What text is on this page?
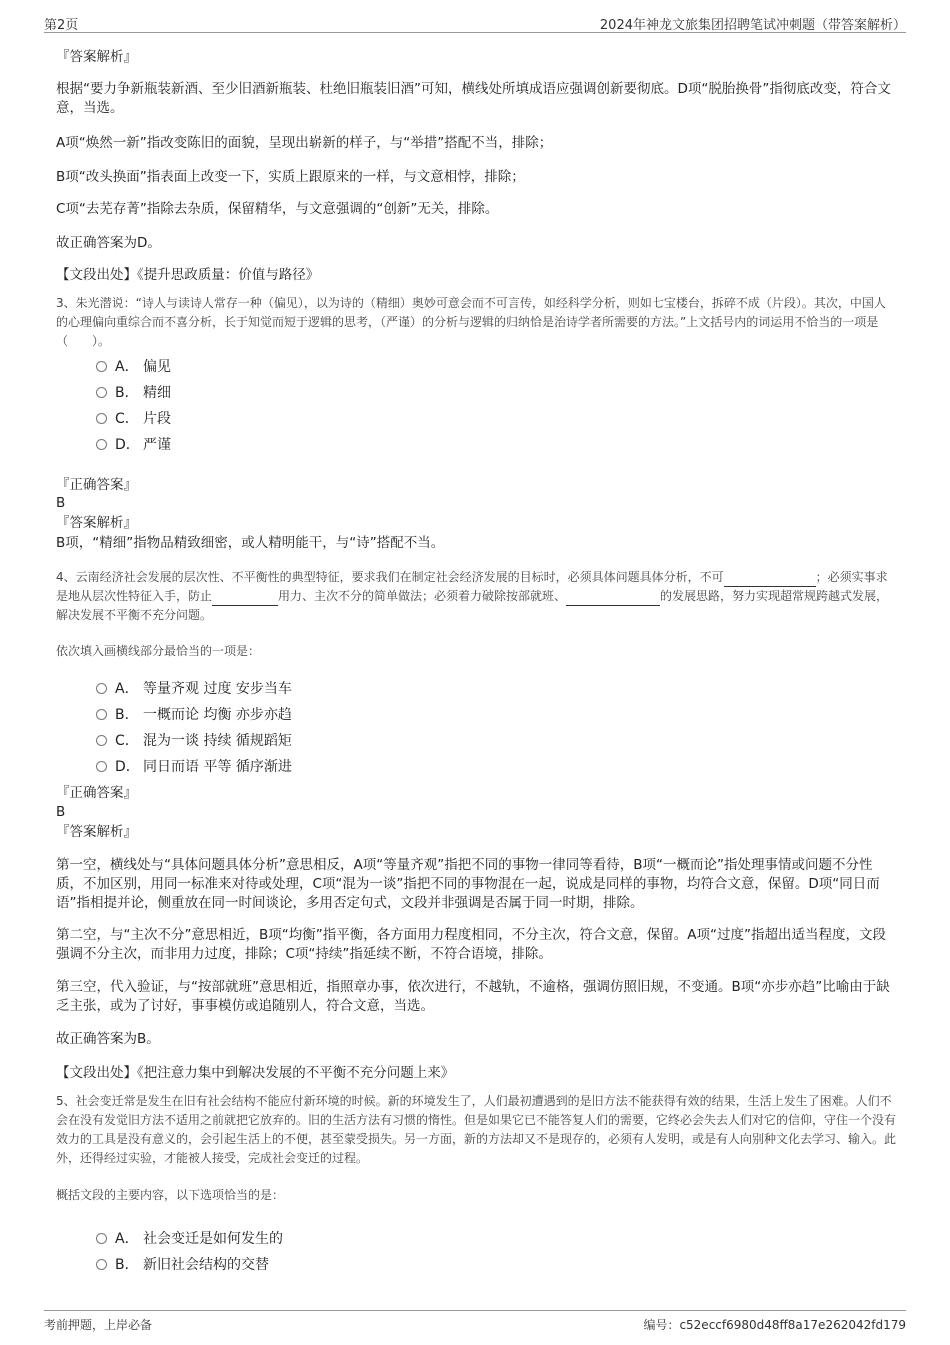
第2页	2024年神龙文旅集团招聘笔试冲刺题（带答案解析）

『答案解析』

根据“要力争新瓶装新酒、至少旧酒新瓶装、杜绝旧瓶装旧酒”可知，横线处所填成语应强调创新要彻底。D项“脱胎换骨”指彻底改变，符合文意，当选。

A项“焕然一新”指改变陈旧的面貌，呈现出崭新的样子，与“举措”搭配不当，排除；

B项“改头换面”指表面上改变一下，实质上跟原来的一样，与文意相悖，排除；

C项“去芜存菁”指除去杂质，保留精华，与文意强调的“创新”无关，排除。

故正确答案为D。

【文段出处】《提升思政质量：价值与路径》

3、朱光潜说：“诗人与读诗人常存一种（偏见），以为诗的（精细）奥妙可意会而不可言传，如经科学分析，则如七宝楼台，拆碎不成（片段）。其次，中国人的心理偏向重综合而不喜分析，长于知觉而短于逻辑的思考，（严谨）的分析与逻辑的归纳恰是治诗学者所需要的方法。”上文括号内的词运用不恰当的一项是（　　）。

A． 偏见
B． 精细
C． 片段
D． 严谨

『正确答案』

B

『答案解析』

B项，“精细”指物品精致细密，或人精明能干，与“诗”搭配不当。

4、云南经济社会发展的层次性、不平衡性的典型特征，要求我们在制定社会经济发展的目标时，必须具体问题具体分析，不可	；必须实事求是地从层次性特征入手，防止	用力、主次不分的简单做法；必须着力破除按部就班、	的发展思路，努力实现超常规跨越式发展，解决发展不平衡不充分问题。

依次填入画横线部分最恰当的一项是：

A． 等量齐观 过度 安步当车
B． 一概而论 均衡 亦步亦趋
C． 混为一谈 持续 循规蹈矩
D． 同日而语 平等 循序渐进

『正确答案』

B

『答案解析』

第一空，横线处与“具体问题具体分析”意思相反，A项“等量齐观”指把不同的事物一律同等看待，B项“一概而论”指处理事情或问题不分性质，不加区别，用同一标准来对待或处理，C项“混为一谈”指把不同的事物混在一起，说成是同样的事物，均符合文意，保留。D项“同日而语”指相提并论，侧重放在同一时间谈论，多用否定句式，文段并非强调是否属于同一时期，排除。

第二空，与“主次不分”意思相近，B项“均衡”指平衡，各方面用力程度相同，不分主次，符合文意，保留。A项“过度”指超出适当程度，文段强调不分主次，而非用力过度，排除；C项“持续”指延续不断，不符合语境，排除。

第三空，代入验证，与“按部就班”意思相近，指照章办事，依次进行，不越轨，不逾格，强调仿照旧规，不变通。B项“亦步亦趋”比喻由于缺乏主张，或为了讨好，事事模仿或追随别人，符合文意，当选。

故正确答案为B。

【文段出处】《把注意力集中到解决发展的不平衡不充分问题上来》

5、社会变迁常是发生在旧有社会结构不能应付新环境的时候。新的环境发生了，人们最初遭遇到的是旧方法不能获得有效的结果，生活上发生了困难。人们不会在没有发觉旧方法不适用之前就把它放弃的。旧的生活方法有习惯的惰性。但是如果它已不能答复人们的需要，它终必会失去人们对它的信仰，守住一个没有效力的工具是没有意义的，会引起生活上的不便，甚至蒙受损失。另一方面，新的方法却又不是现存的，必须有人发明，或是有人向别种文化去学习、输入。此外，还得经过实验，才能被人接受，完成社会变迁的过程。

概括文段的主要内容，以下选项恰当的是：

A． 社会变迁是如何发生的
B． 新旧社会结构的交替
考前押题，上岸必备	编号：c52eccf6980d48ff8a17e262042fd179
